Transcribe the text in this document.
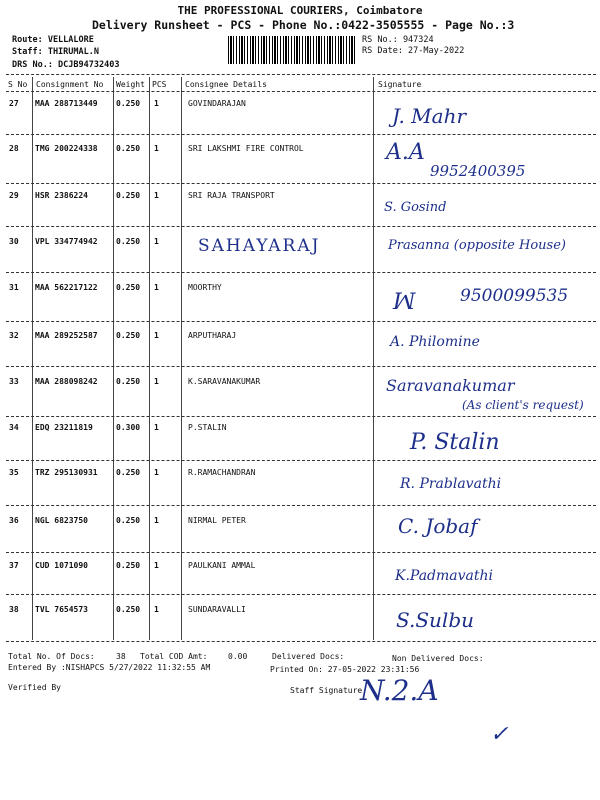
THE PROFESSIONAL COURIERS, Coimbatore
Delivery Runsheet - PCS - Phone No.:0422-3505555 - Page No.:3
Route: VELLALORE
Staff: THIRUMAL.N
DRS No.: DCJB94732403
RS No.: 947324
RS Date: 27-May-2022
S No Consignment No Weight PCS Consignee Details	Signature
27 MAA 288713449 0.250 1	GOVINDARAJAN
J. Mahr
28 TMG 200224338 0.250 1	SRI LAKSHMI FIRE CONTROL	A.A
9952400395
29 HSR 2386224	0.250 1	SRI RAJA TRANSPORT
S. Gosind
30 VPL 334774942 0.250 1 SAHAYARAJ	Prasanna (opposite House)
31 MAA 562217122 0.250 1	MOORTHY
ꟽ	9500099535
32 MAA 289252587 0.250 1	ARPUTHARAJ	A. Philomine
33 MAA 288098242 0.250 1	K.SARAVANAKUMAR	Saravanakumar
(As client's request)
34 EDQ 23211819	0.300 1	P.STALIN
P. Stalin
35 TRZ 295130931 0.250 1	R.RAMACHANDRAN
R. Prablavathi
36 NGL 6823750	0.250 1	NIRMAL PETER	C. Jobaf
37 CUD 1071090	0.250 1	PAULKANI AMMAL
K.Padmavathi
38 TVL 7654573	0.250 1	SUNDARAVALLI	S.Sulbu
Total No. Of Docs:	38 Total COD Amt:	0.00	Delivered Docs:	Non Delivered Docs:
Entered By :NISHAPCS 5/27/2022 11:32:55 AM	Printed On: 27-05-2022 23:31:56
Verified By	Staff Signature
N.2.A
✓
